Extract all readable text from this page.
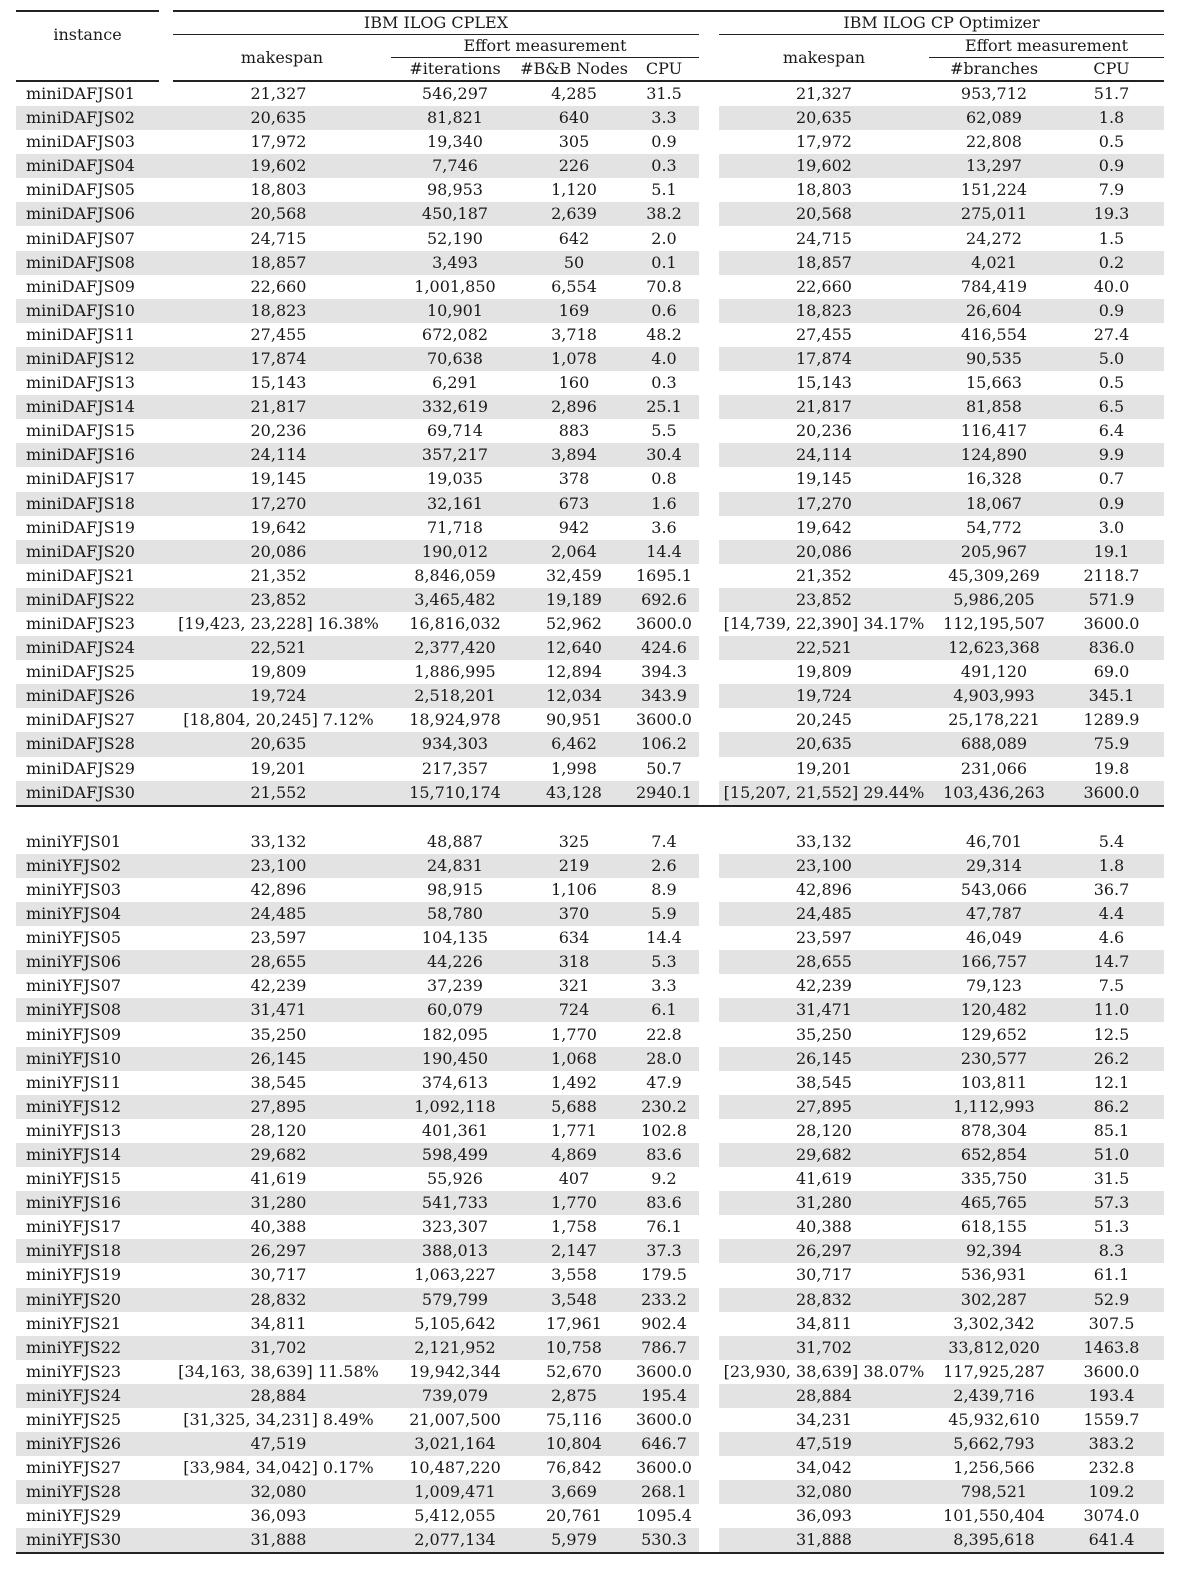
instance	IBM ILOG CPLEX					IBM ILOG CP Optimizer		
	makespan	Effort measurement				makespan	Effort measurement	
		#iterations	#B&B Nodes	CPU			#branches	CPU
miniDAFJS01	21,327	546,297	4,285	31.5		21,327	953,712	51.7
miniDAFJS02	20,635	81,821	640	3.3		20,635	62,089	1.8
miniDAFJS03	17,972	19,340	305	0.9		17,972	22,808	0.5
miniDAFJS04	19,602	7,746	226	0.3		19,602	13,297	0.9
miniDAFJS05	18,803	98,953	1,120	5.1		18,803	151,224	7.9
miniDAFJS06	20,568	450,187	2,639	38.2		20,568	275,011	19.3
miniDAFJS07	24,715	52,190	642	2.0		24,715	24,272	1.5
miniDAFJS08	18,857	3,493	50	0.1		18,857	4,021	0.2
miniDAFJS09	22,660	1,001,850	6,554	70.8		22,660	784,419	40.0
miniDAFJS10	18,823	10,901	169	0.6		18,823	26,604	0.9
miniDAFJS11	27,455	672,082	3,718	48.2		27,455	416,554	27.4
miniDAFJS12	17,874	70,638	1,078	4.0		17,874	90,535	5.0
miniDAFJS13	15,143	6,291	160	0.3		15,143	15,663	0.5
miniDAFJS14	21,817	332,619	2,896	25.1		21,817	81,858	6.5
miniDAFJS15	20,236	69,714	883	5.5		20,236	116,417	6.4
miniDAFJS16	24,114	357,217	3,894	30.4		24,114	124,890	9.9
miniDAFJS17	19,145	19,035	378	0.8		19,145	16,328	0.7
miniDAFJS18	17,270	32,161	673	1.6		17,270	18,067	0.9
miniDAFJS19	19,642	71,718	942	3.6		19,642	54,772	3.0
miniDAFJS20	20,086	190,012	2,064	14.4		20,086	205,967	19.1
miniDAFJS21	21,352	8,846,059	32,459	1695.1		21,352	45,309,269	2118.7
miniDAFJS22	23,852	3,465,482	19,189	692.6		23,852	5,986,205	571.9
miniDAFJS23	[19,423, 23,228] 16.38%	16,816,032	52,962	3600.0		[14,739, 22,390] 34.17%	112,195,507	3600.0
miniDAFJS24	22,521	2,377,420	12,640	424.6		22,521	12,623,368	836.0
miniDAFJS25	19,809	1,886,995	12,894	394.3		19,809	491,120	69.0
miniDAFJS26	19,724	2,518,201	12,034	343.9		19,724	4,903,993	345.1
miniDAFJS27	[18,804, 20,245] 7.12%	18,924,978	90,951	3600.0		20,245	25,178,221	1289.9
miniDAFJS28	20,635	934,303	6,462	106.2		20,635	688,089	75.9
miniDAFJS29	19,201	217,357	1,998	50.7		19,201	231,066	19.8
miniDAFJS30	21,552	15,710,174	43,128	2940.1		[15,207, 21,552] 29.44%	103,436,263	3600.0

miniYFJS01	33,132	48,887	325	7.4		33,132	46,701	5.4
miniYFJS02	23,100	24,831	219	2.6		23,100	29,314	1.8
miniYFJS03	42,896	98,915	1,106	8.9		42,896	543,066	36.7
miniYFJS04	24,485	58,780	370	5.9		24,485	47,787	4.4
miniYFJS05	23,597	104,135	634	14.4		23,597	46,049	4.6
miniYFJS06	28,655	44,226	318	5.3		28,655	166,757	14.7
miniYFJS07	42,239	37,239	321	3.3		42,239	79,123	7.5
miniYFJS08	31,471	60,079	724	6.1		31,471	120,482	11.0
miniYFJS09	35,250	182,095	1,770	22.8		35,250	129,652	12.5
miniYFJS10	26,145	190,450	1,068	28.0		26,145	230,577	26.2
miniYFJS11	38,545	374,613	1,492	47.9		38,545	103,811	12.1
miniYFJS12	27,895	1,092,118	5,688	230.2		27,895	1,112,993	86.2
miniYFJS13	28,120	401,361	1,771	102.8		28,120	878,304	85.1
miniYFJS14	29,682	598,499	4,869	83.6		29,682	652,854	51.0
miniYFJS15	41,619	55,926	407	9.2		41,619	335,750	31.5
miniYFJS16	31,280	541,733	1,770	83.6		31,280	465,765	57.3
miniYFJS17	40,388	323,307	1,758	76.1		40,388	618,155	51.3
miniYFJS18	26,297	388,013	2,147	37.3		26,297	92,394	8.3
miniYFJS19	30,717	1,063,227	3,558	179.5		30,717	536,931	61.1
miniYFJS20	28,832	579,799	3,548	233.2		28,832	302,287	52.9
miniYFJS21	34,811	5,105,642	17,961	902.4		34,811	3,302,342	307.5
miniYFJS22	31,702	2,121,952	10,758	786.7		31,702	33,812,020	1463.8
miniYFJS23	[34,163, 38,639] 11.58%	19,942,344	52,670	3600.0		[23,930, 38,639] 38.07%	117,925,287	3600.0
miniYFJS24	28,884	739,079	2,875	195.4		28,884	2,439,716	193.4
miniYFJS25	[31,325, 34,231] 8.49%	21,007,500	75,116	3600.0		34,231	45,932,610	1559.7
miniYFJS26	47,519	3,021,164	10,804	646.7		47,519	5,662,793	383.2
miniYFJS27	[33,984, 34,042] 0.17%	10,487,220	76,842	3600.0		34,042	1,256,566	232.8
miniYFJS28	32,080	1,009,471	3,669	268.1		32,080	798,521	109.2
miniYFJS29	36,093	5,412,055	20,761	1095.4		36,093	101,550,404	3074.0
miniYFJS30	31,888	2,077,134	5,979	530.3		31,888	8,395,618	641.4
